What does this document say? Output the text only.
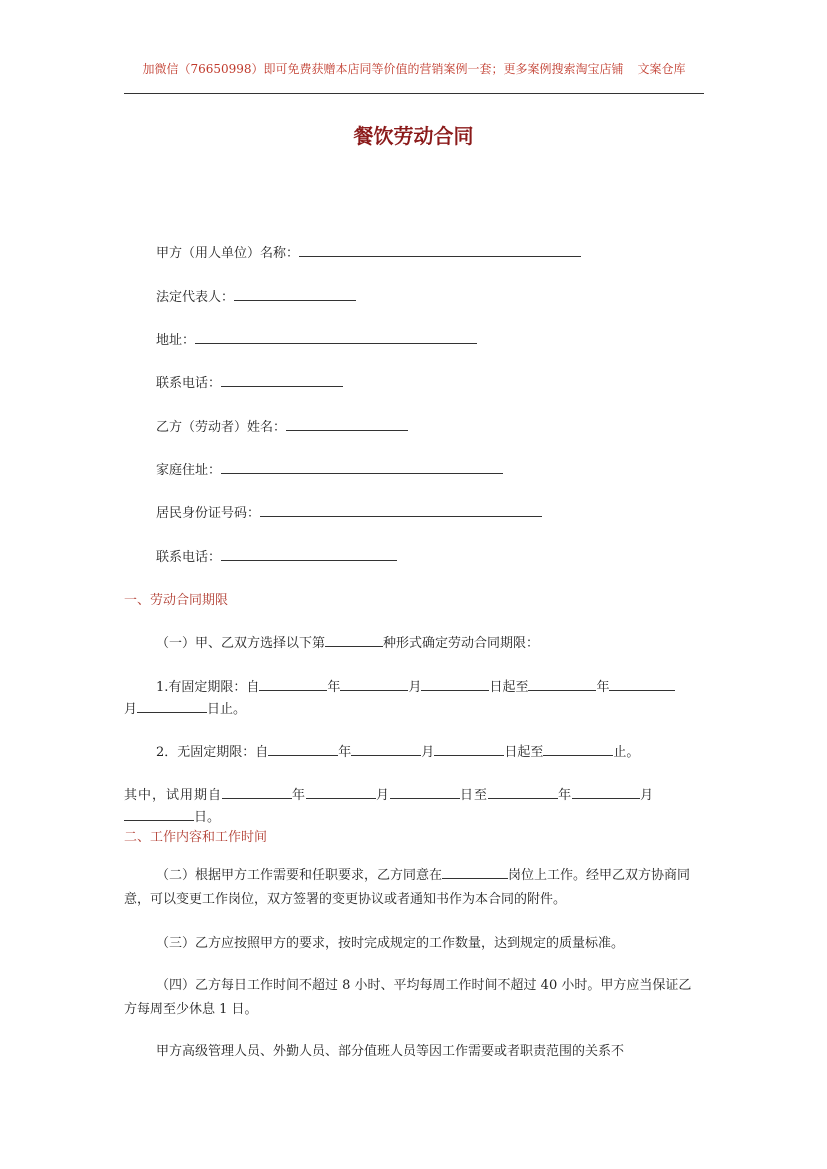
加微信（76650998）即可免费获赠本店同等价值的营销案例一套；更多案例搜索淘宝店铺 文案仓库
餐饮劳动合同
甲方（用人单位）名称：
法定代表人：
地址：
联系电话：
乙方（劳动者）姓名：
家庭住址：
居民身份证号码：
联系电话：
一、劳动合同期限
（一）甲、乙双方选择以下第	种形式确定劳动合同期限：
1.有固定期限：自	年	月	日起至	年
月	日止。
2．无固定期限：自	年	月	日起至	止。
其中，试用期自	年	月	日至	年	月
日。
二、工作内容和工作时间
（二）根据甲方工作需要和任职要求，乙方同意在	岗位上工作。经甲乙双方协商同意，可以变更工作岗位，双方签署的变更协议或者通知书作为本合同的附件。
（三）乙方应按照甲方的要求，按时完成规定的工作数量，达到规定的质量标准。
（四）乙方每日工作时间不超过 8 小时、平均每周工作时间不超过 40 小时。甲方应当保证乙方每周至少休息 1 日。
甲方高级管理人员、外勤人员、部分值班人员等因工作需要或者职责范围的关系不
